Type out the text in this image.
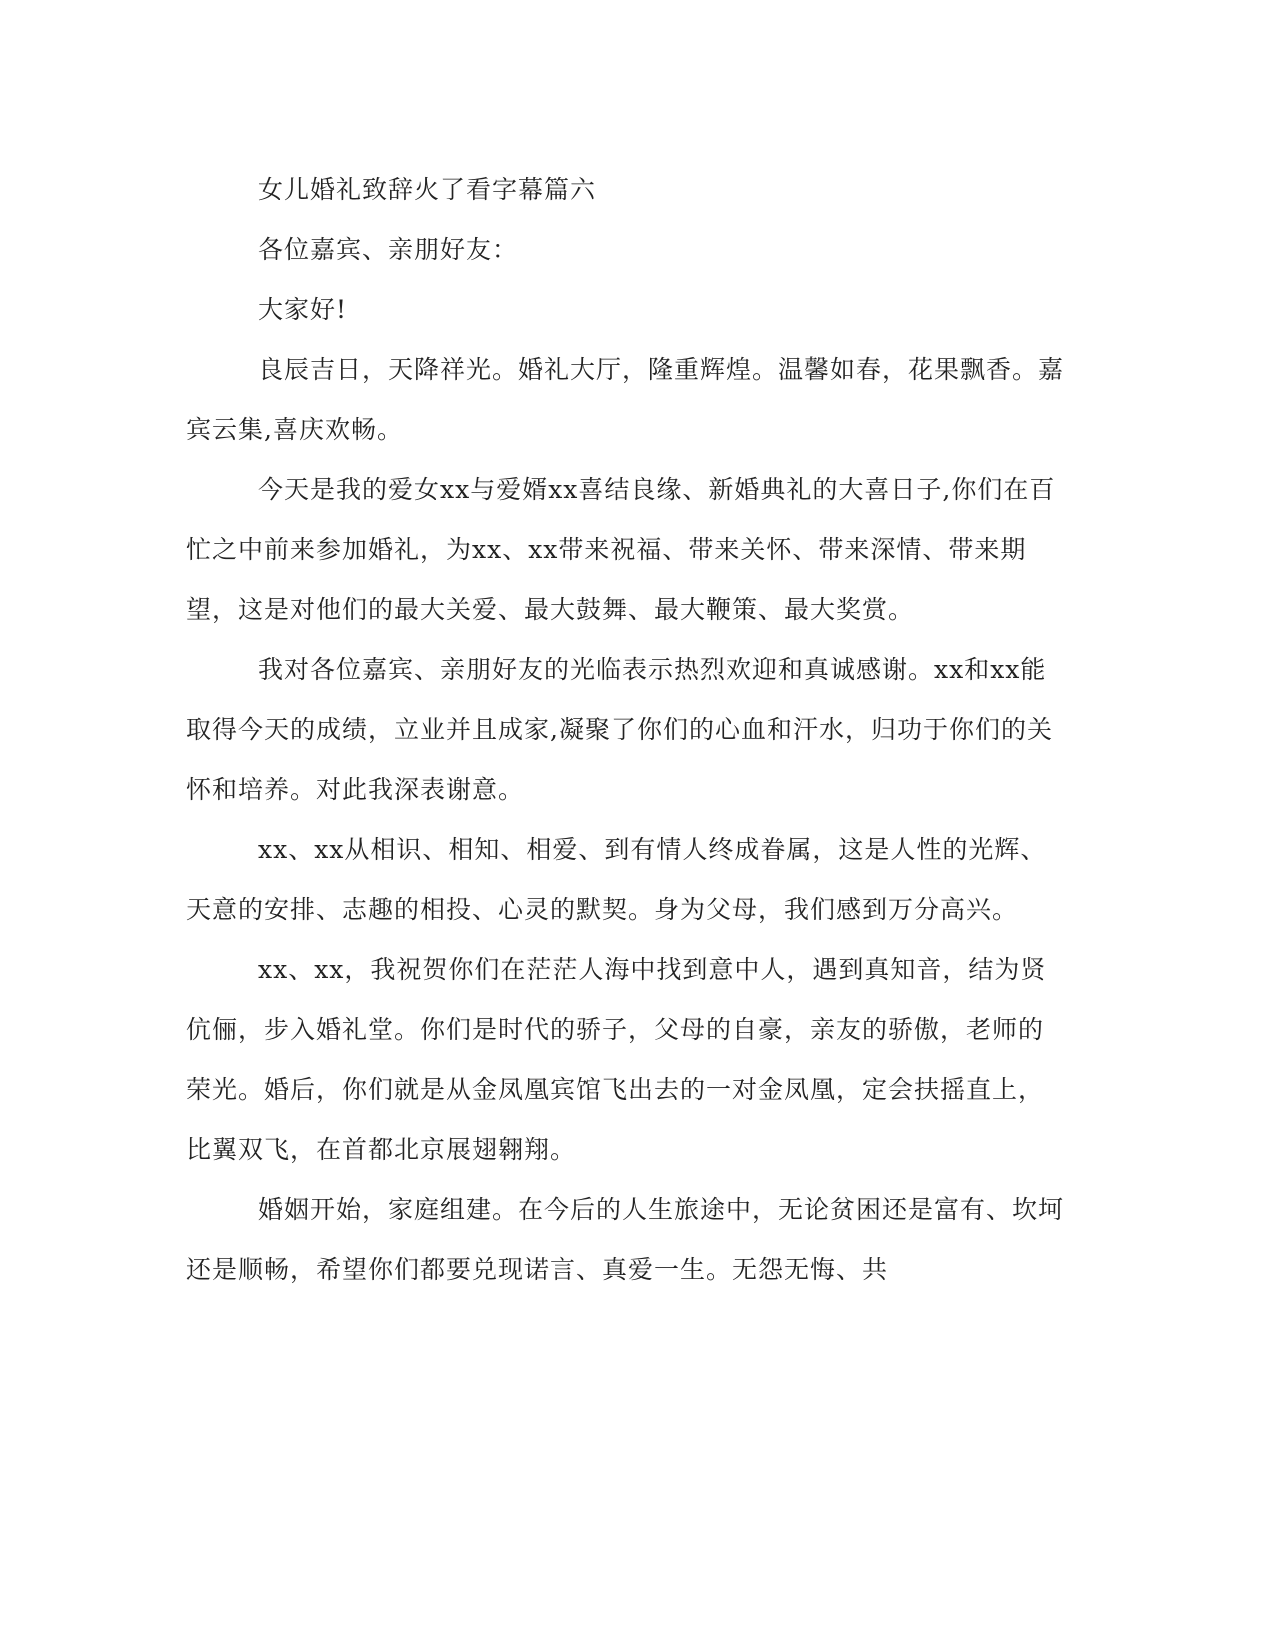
女儿婚礼致辞火了看字幕篇六

各位嘉宾、亲朋好友：

大家好!

良辰吉日，天降祥光。婚礼大厅，隆重辉煌。温馨如春，花果飘香。嘉宾云集,喜庆欢畅。

今天是我的爱女xx与爱婿xx喜结良缘、新婚典礼的大喜日子,你们在百忙之中前来参加婚礼，为xx、xx带来祝福、带来关怀、带来深情、带来期望，这是对他们的最大关爱、最大鼓舞、最大鞭策、最大奖赏。

我对各位嘉宾、亲朋好友的光临表示热烈欢迎和真诚感谢。xx和xx能取得今天的成绩，立业并且成家,凝聚了你们的心血和汗水，归功于你们的关怀和培养。对此我深表谢意。

xx、xx从相识、相知、相爱、到有情人终成眷属，这是人性的光辉、天意的安排、志趣的相投、心灵的默契。身为父母，我们感到万分高兴。

xx、xx，我祝贺你们在茫茫人海中找到意中人，遇到真知音，结为贤伉俪，步入婚礼堂。你们是时代的骄子，父母的自豪，亲友的骄傲，老师的荣光。婚后，你们就是从金凤凰宾馆飞出去的一对金凤凰，定会扶摇直上，比翼双飞，在首都北京展翅翱翔。

婚姻开始，家庭组建。在今后的人生旅途中，无论贫困还是富有、坎坷还是顺畅，希望你们都要兑现诺言、真爱一生。无怨无悔、共
